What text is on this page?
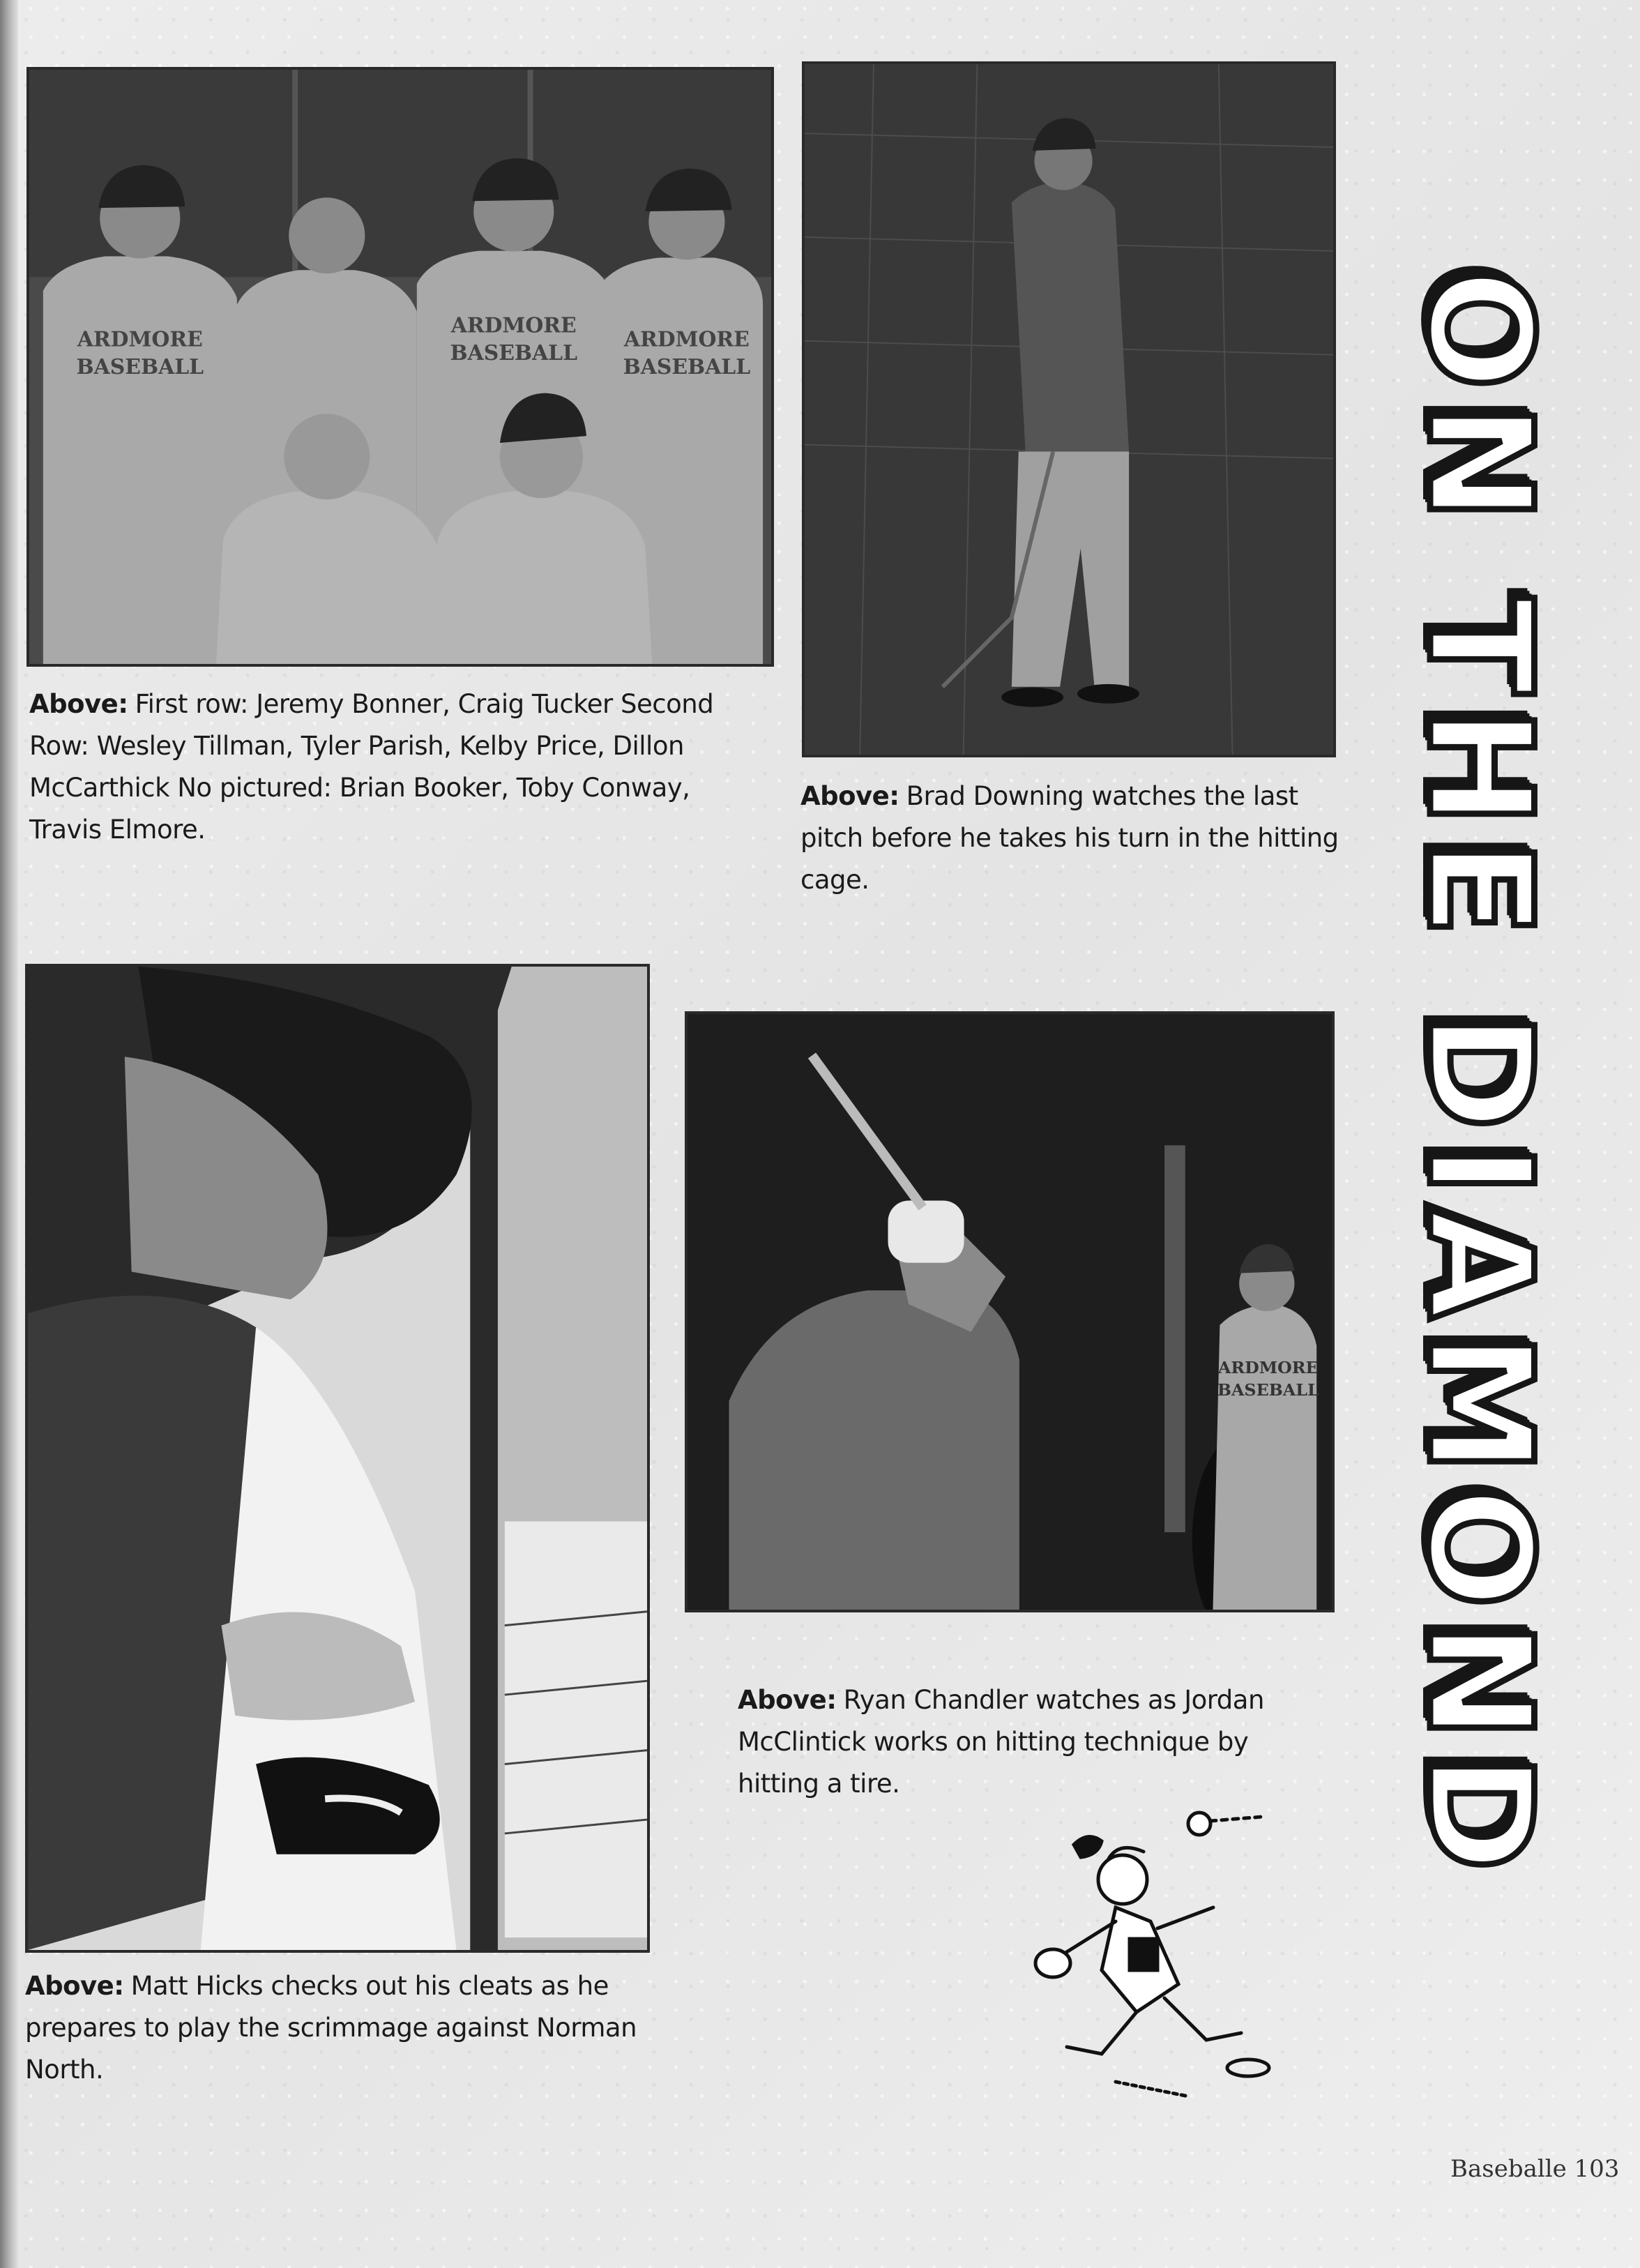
ARDMORE
BASEBALL
ARDMORE
BASEBALL
ARDMORE
BASEBALL
Above: First row: Jeremy Bonner, Craig Tucker Second Row: Wesley Tillman, Tyler Parish, Kelby Price, Dillon McCarthick No pictured: Brian Booker, Toby Conway, Travis Elmore.
Above: Brad Downing watches the last pitch before he takes his turn in the hitting cage.
Above: Matt Hicks checks out his cleats as he prepares to play the scrimmage against Norman North.
ARDMORE
BASEBALL
Above: Ryan Chandler watches as Jordan McClintick works on hitting technique by hitting a tire.	ON THE DIAMOND
Baseballe 103
